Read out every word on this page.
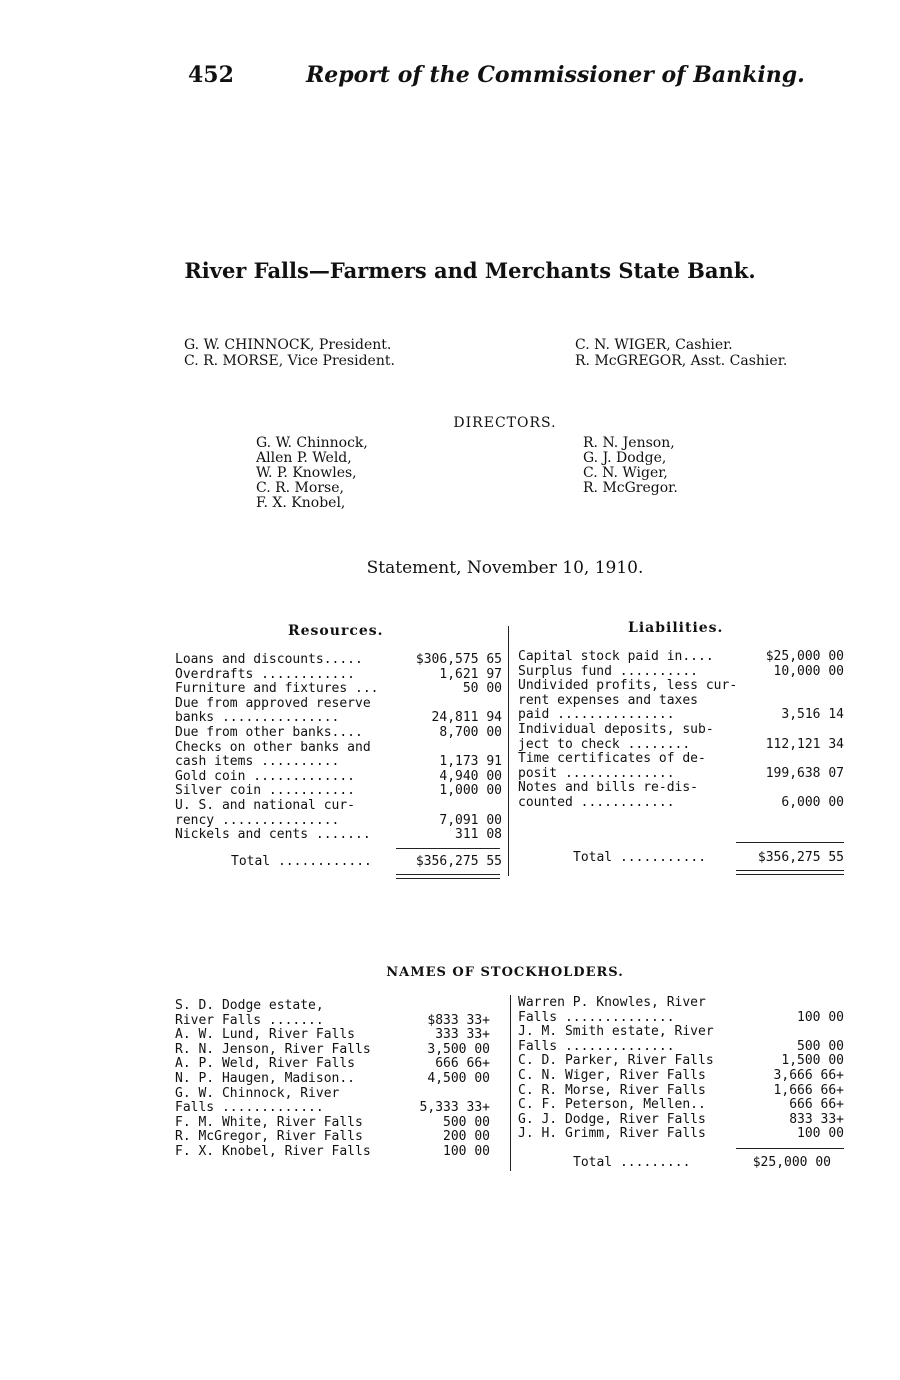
452	Report of the Commissioner of Banking.
River Falls—Farmers and Merchants State Bank.
G. W. CHINNOCK, President.
C. R. MORSE, Vice President.
C. N. WIGER, Cashier.
R. McGREGOR, Asst. Cashier.
DIRECTORS.
G. W. Chinnock,
Allen P. Weld,
W. P. Knowles,
C. R. Morse,
F. X. Knobel,
R. N. Jenson,
G. J. Dodge,
C. N. Wiger,
R. McGregor.
Statement, November 10, 1910.
Resources.	Liabilities.
Loans and discounts.....	$306,575 65
Overdrafts ............	1,621 97
Furniture and fixtures ...	50 00
Due from approved reserve
banks ...............	24,811 94
Due from other banks....	8,700 00
Checks on other banks and
cash items ..........	1,173 91
Gold coin .............	4,940 00
Silver coin ...........	1,000 00
U. S. and national cur-
rency ...............	7,091 00
Nickels and cents .......	311 08
Total ............	$356,275 55
Capital stock paid in....	$25,000 00
Surplus fund ..........	10,000 00
Undivided profits, less cur-
rent expenses and taxes
paid ...............	3,516 14
Individual deposits, sub-
ject to check ........	112,121 34
Time certificates of de-
posit ..............	199,638 07
Notes and bills re-dis-
counted ............	6,000 00
Total ...........	$356,275 55
NAMES OF STOCKHOLDERS.
S. D. Dodge estate,
River Falls .......	$833 33+
A. W. Lund, River Falls	333 33+
R. N. Jenson, River Falls	3,500 00
A. P. Weld, River Falls	666 66+
N. P. Haugen, Madison..	4,500 00
G. W. Chinnock, River
Falls .............	5,333 33+
F. M. White, River Falls	500 00
R. McGregor, River Falls	200 00
F. X. Knobel, River Falls	100 00
Warren P. Knowles, River
Falls ..............	100 00
J. M. Smith estate, River
Falls ..............	500 00
C. D. Parker, River Falls	1,500 00
C. N. Wiger, River Falls	3,666 66+
C. R. Morse, River Falls	1,666 66+
C. F. Peterson, Mellen..	666 66+
G. J. Dodge, River Falls	833 33+
J. H. Grimm, River Falls	100 00
Total .........	$25,000 00
